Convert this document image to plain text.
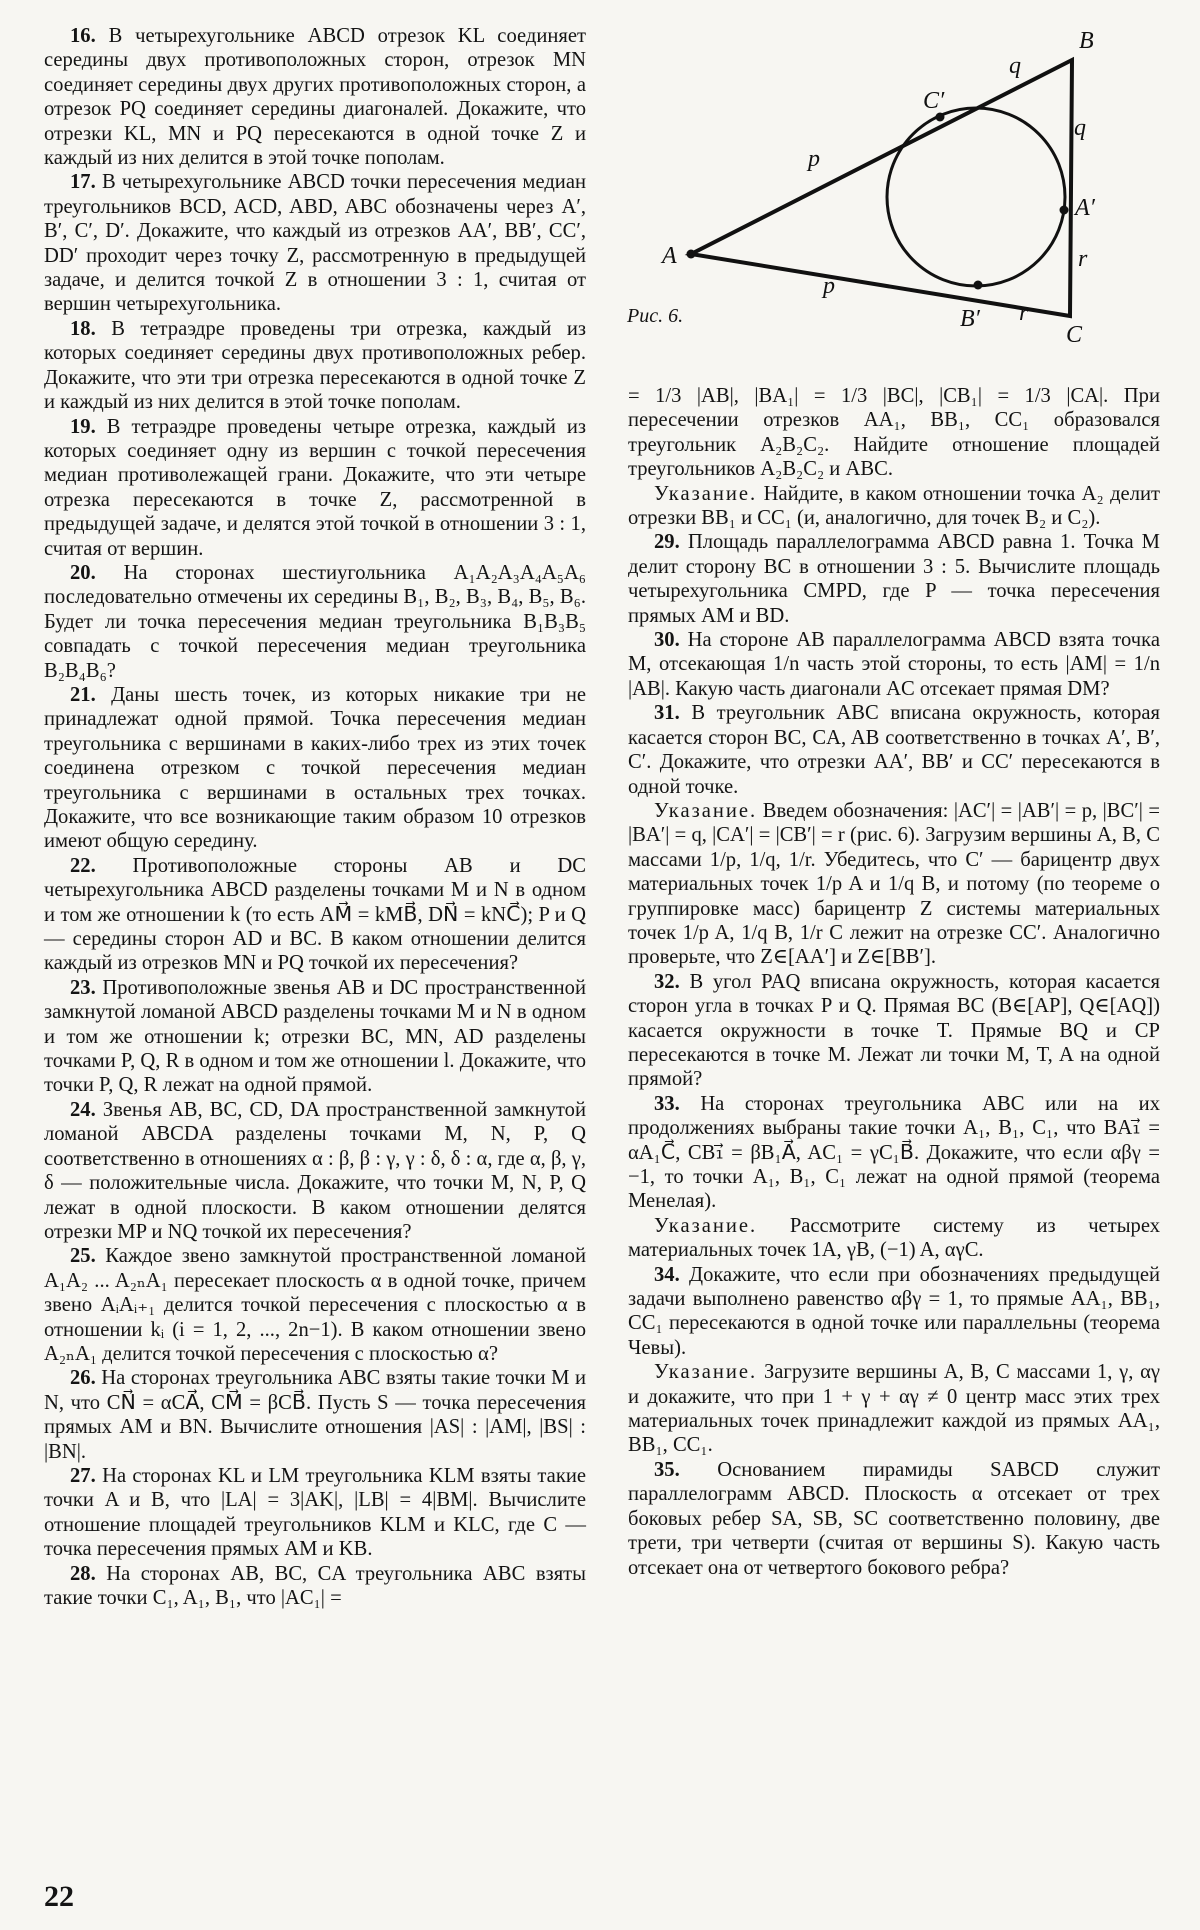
16. В четырехугольнике ABCD отрезок KL соединяет середины двух противоположных сторон, отрезок MN соединяет середины двух других противоположных сторон, а отрезок PQ соединяет середины диагоналей. Докажите, что отрезки KL, MN и PQ пересекаются в одной точке Z и каждый из них делится в этой точке пополам.

17. В четырехугольнике ABCD точки пересечения медиан треугольников BCD, ACD, ABD, ABC обозначены через A′, B′, C′, D′. Докажите, что каждый из отрезков AA′, BB′, CC′, DD′ проходит через точку Z, рассмотренную в предыдущей задаче, и делится точкой Z в отношении 3 : 1, считая от вершин четырехугольника.

18. В тетраэдре проведены три отрезка, каждый из которых соединяет середины двух противоположных ребер. Докажите, что эти три отрезка пересекаются в одной точке Z и каждый из них делится в этой точке пополам.

19. В тетраэдре проведены четыре отрезка, каждый из которых соединяет одну из вершин с точкой пересечения медиан противолежащей грани. Докажите, что эти четыре отрезка пересекаются в точке Z, рассмотренной в предыдущей задаче, и делятся этой точкой в отношении 3 : 1, считая от вершин.

20. На сторонах шестиугольника A₁A₂A₃A₄A₅A₆ последовательно отмечены их середины B₁, B₂, B₃, B₄, B₅, B₆. Будет ли точка пересечения медиан треугольника B₁B₃B₅ совпадать с точкой пересечения медиан треугольника B₂B₄B₆?

21. Даны шесть точек, из которых никакие три не принадлежат одной прямой. Точка пересечения медиан треугольника с вершинами в каких-либо трех из этих точек соединена отрезком с точкой пересечения медиан треугольника с вершинами в остальных трех точках. Докажите, что все возникающие таким образом 10 отрезков имеют общую середину.

22. Противоположные стороны AB и DC четырехугольника ABCD разделены точками M и N в одном и том же отношении k (то есть AM⃗ = kMB⃗, DN⃗ = kNC⃗); P и Q — середины сторон AD и BC. В каком отношении делится каждый из отрезков MN и PQ точкой их пересечения?

23. Противоположные звенья AB и DC пространственной замкнутой ломаной ABCD разделены точками M и N в одном и том же отношении k; отрезки BC, MN, AD разделены точками P, Q, R в одном и том же отношении l. Докажите, что точки P, Q, R лежат на одной прямой.

24. Звенья AB, BC, CD, DA пространственной замкнутой ломаной ABCDA разделены точками M, N, P, Q соответственно в отношениях α : β, β : γ, γ : δ, δ : α, где α, β, γ, δ — положительные числа. Докажите, что точки M, N, P, Q лежат в одной плоскости. В каком отношении делятся отрезки MP и NQ точкой их пересечения?

25. Каждое звено замкнутой пространственной ломаной A₁A₂ ... A₂ₙA₁ пересекает плоскость α в одной точке, причем звено AᵢAᵢ₊₁ делится точкой пересечения с плоскостью α в отношении kᵢ (i = 1, 2, ..., 2n−1). В каком отношении звено A₂ₙA₁ делится точкой пересечения с плоскостью α?

26. На сторонах треугольника ABC взяты такие точки M и N, что CN⃗ = αCA⃗, CM⃗ = βCB⃗. Пусть S — точка пересечения прямых AM и BN. Вычислите отношения |AS| : |AM|, |BS| : |BN|.

27. На сторонах KL и LM треугольника KLM взяты такие точки A и B, что |LA| = 3|AK|, |LB| = 4|BM|. Вычислите отношение площадей треугольников KLM и KLC, где C — точка пересечения прямых AM и KB.

28. На сторонах AB, BC, CA треугольника ABC взяты такие точки C₁, A₁, B₁, что |AC₁| =

A
B
C
C′
A′
B′
q
q
p
p
r
r
Рис. 6.

= 1/3 |AB|, |BA₁| = 1/3 |BC|, |CB₁| = 1/3 |CA|. При пересечении отрезков AA₁, BB₁, CC₁ образовался треугольник A₂B₂C₂. Найдите отношение площадей треугольников A₂B₂C₂ и ABC.

Указание. Найдите, в каком отношении точка A₂ делит отрезки BB₁ и CC₁ (и, аналогично, для точек B₂ и C₂).

29. Площадь параллелограмма ABCD равна 1. Точка M делит сторону BC в отношении 3 : 5. Вычислите площадь четырехугольника CMPD, где P — точка пересечения прямых AM и BD.

30. На стороне AB параллелограмма ABCD взята точка M, отсекающая 1/n часть этой стороны, то есть |AM| = 1/n |AB|. Какую часть диагонали AC отсекает прямая DM?

31. В треугольник ABC вписана окружность, которая касается сторон BC, CA, AB соответственно в точках A′, B′, C′. Докажите, что отрезки AA′, BB′ и CC′ пересекаются в одной точке.

Указание. Введем обозначения: |AC′| = |AB′| = p, |BC′| = |BA′| = q, |CA′| = |CB′| = r (рис. 6). Загрузим вершины A, B, C массами 1/p, 1/q, 1/r. Убедитесь, что C′ — барицентр двух материальных точек 1/p A и 1/q B, и потому (по теореме о группировке масс) барицентр Z системы материальных точек 1/p A, 1/q B, 1/r C лежит на отрезке CC′. Аналогично проверьте, что Z∈[AA′] и Z∈[BB′].

32. В угол PAQ вписана окружность, которая касается сторон угла в точках P и Q. Прямая BC (B∈[AP], Q∈[AQ]) касается окружности в точке T. Прямые BQ и CP пересекаются в точке M. Лежат ли точки M, T, A на одной прямой?

33. На сторонах треугольника ABC или на их продолжениях выбраны такие точки A₁, B₁, C₁, что BA₁⃗ = αA₁C⃗, CB₁⃗ = βB₁A⃗, AC₁ = γC₁B⃗. Докажите, что если αβγ = −1, то точки A₁, B₁, C₁ лежат на одной прямой (теорема Менелая).

Указание. Рассмотрите систему из четырех материальных точек 1A, γB, (−1) A, αγC.

34. Докажите, что если при обозначениях предыдущей задачи выполнено равенство αβγ = 1, то прямые AA₁, BB₁, CC₁ пересекаются в одной точке или параллельны (теорема Чевы).

Указание. Загрузите вершины A, B, C массами 1, γ, αγ и докажите, что при 1 + γ + αγ ≠ 0 центр масс этих трех материальных точек принадлежит каждой из прямых AA₁, BB₁, CC₁.

35. Основанием пирамиды SABCD служит параллелограмм ABCD. Плоскость α отсекает от трех боковых ребер SA, SB, SC соответственно половину, две трети, три четверти (считая от вершины S). Какую часть отсекает она от четвертого бокового ребра?

22
